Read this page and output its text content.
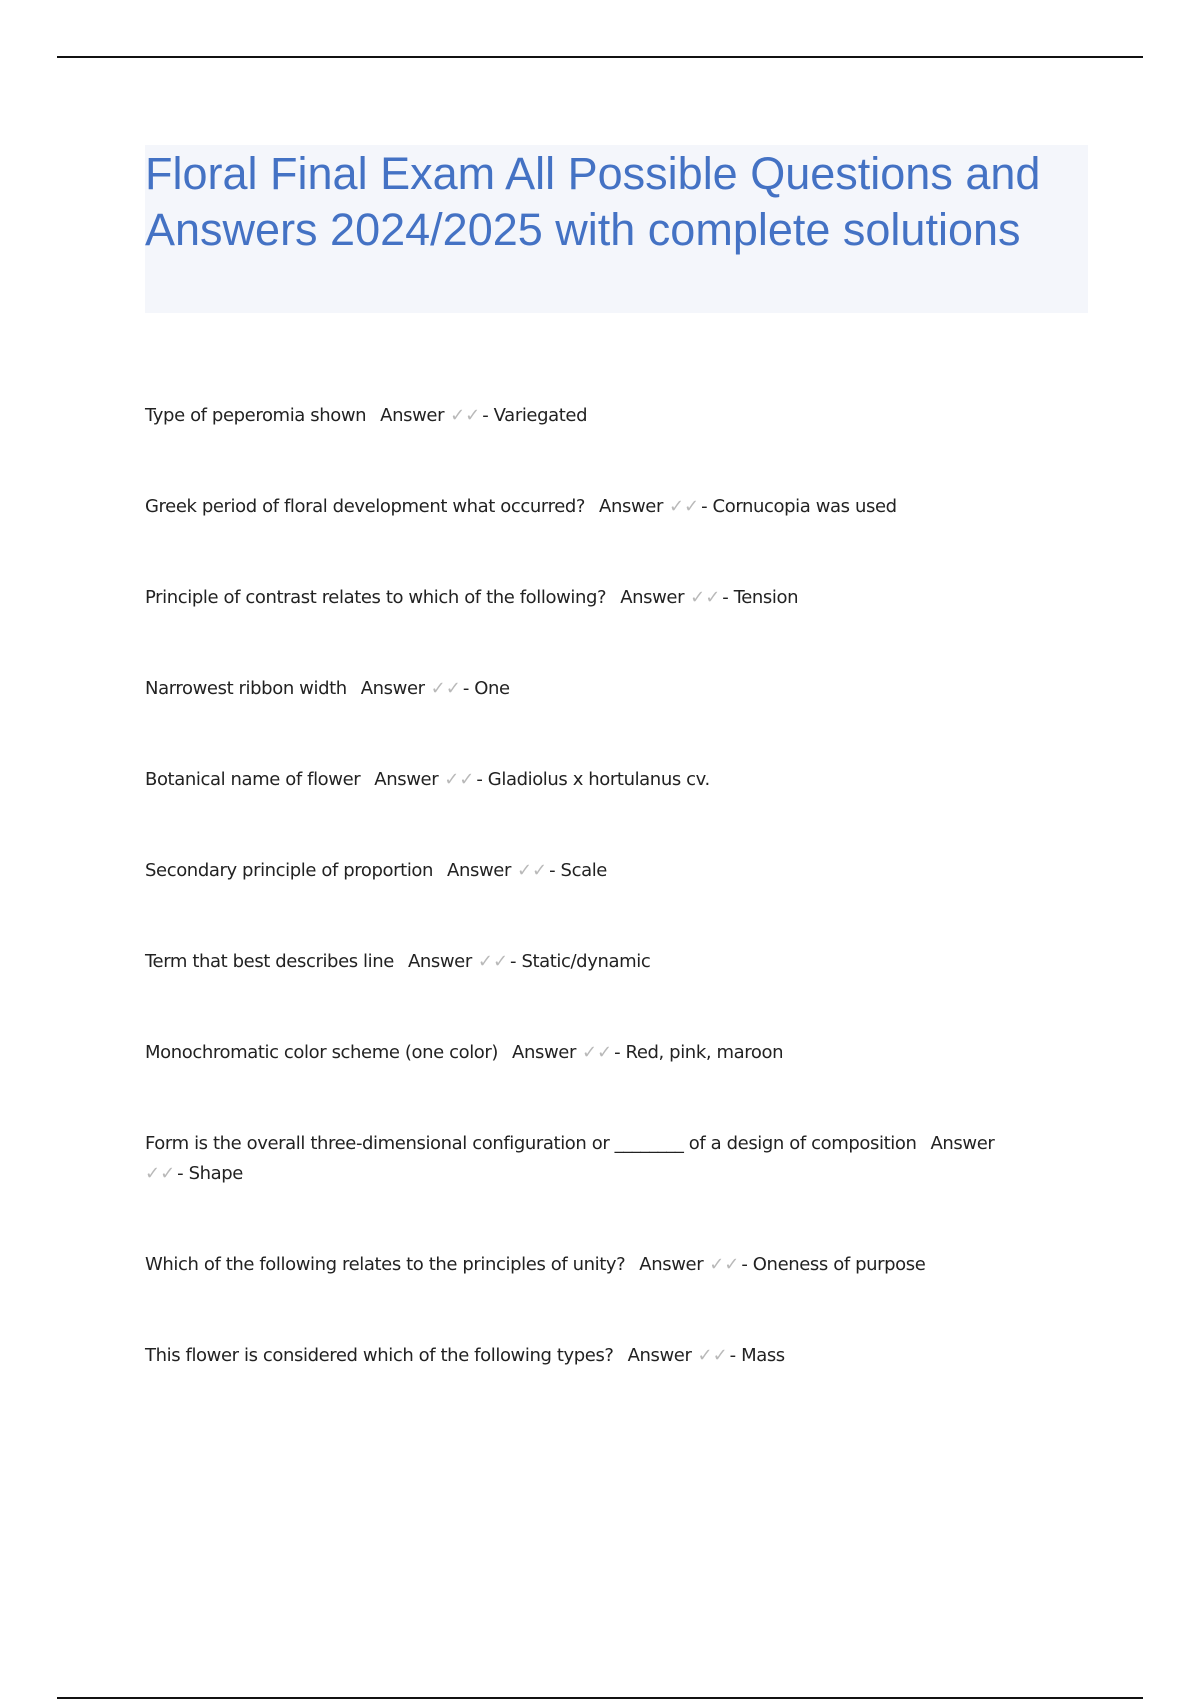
Floral Final Exam All Possible Questions and Answers 2024/2025 with complete solutions
Type of peperomia shown Answer ✓✓ - Variegated
Greek period of floral development what occurred? Answer ✓✓ - Cornucopia was used
Principle of contrast relates to which of the following? Answer ✓✓ - Tension
Narrowest ribbon width Answer ✓✓ - One
Botanical name of flower Answer ✓✓ - Gladiolus x hortulanus cv.
Secondary principle of proportion Answer ✓✓ - Scale
Term that best describes line Answer ✓✓ - Static/dynamic
Monochromatic color scheme (one color) Answer ✓✓ - Red, pink, maroon
Form is the overall three-dimensional configuration or ________ of a design of composition Answer
✓✓ - Shape
Which of the following relates to the principles of unity? Answer ✓✓ - Oneness of purpose
This flower is considered which of the following types? Answer ✓✓ - Mass
